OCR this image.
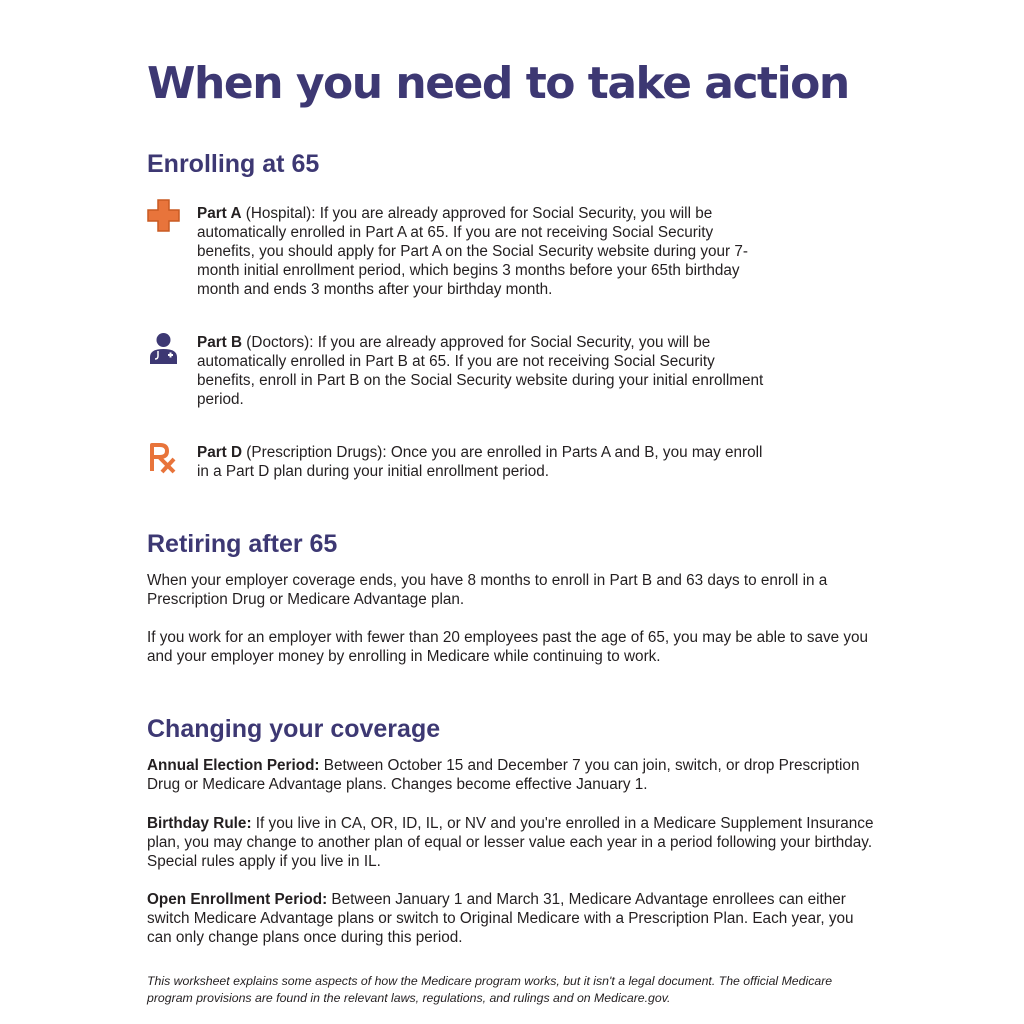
When you need to take action
Enrolling at 65

Part A (Hospital): If you are already approved for Social Security, you will be automatically enrolled in Part A at 65. If you are not receiving Social Security benefits, you should apply for Part A on the Social Security website during your 7-month initial enrollment period, which begins 3 months before your 65th birthday month and ends 3 months after your birthday month.

Part B (Doctors): If you are already approved for Social Security, you will be automatically enrolled in Part B at 65. If you are not receiving Social Security benefits, enroll in Part B on the Social Security website during your initial enrollment period.

Part D (Prescription Drugs): Once you are enrolled in Parts A and B, you may enroll in a Part D plan during your initial enrollment period.

Retiring after 65

When your employer coverage ends, you have 8 months to enroll in Part B and 63 days to enroll in a Prescription Drug or Medicare Advantage plan.

If you work for an employer with fewer than 20 employees past the age of 65, you may be able to save you and your employer money by enrolling in Medicare while continuing to work.

Changing your coverage

Annual Election Period: Between October 15 and December 7 you can join, switch, or drop Prescription Drug or Medicare Advantage plans. Changes become effective January 1.

Birthday Rule: If you live in CA, OR, ID, IL, or NV and you're enrolled in a Medicare Supplement Insurance plan, you may change to another plan of equal or lesser value each year in a period following your birthday. Special rules apply if you live in IL.

Open Enrollment Period: Between January 1 and March 31, Medicare Advantage enrollees can either switch Medicare Advantage plans or switch to Original Medicare with a Prescription Plan. Each year, you can only change plans once during this period.

This worksheet explains some aspects of how the Medicare program works, but it isn't a legal document. The official Medicare program provisions are found in the relevant laws, regulations, and rulings and on Medicare.gov.
